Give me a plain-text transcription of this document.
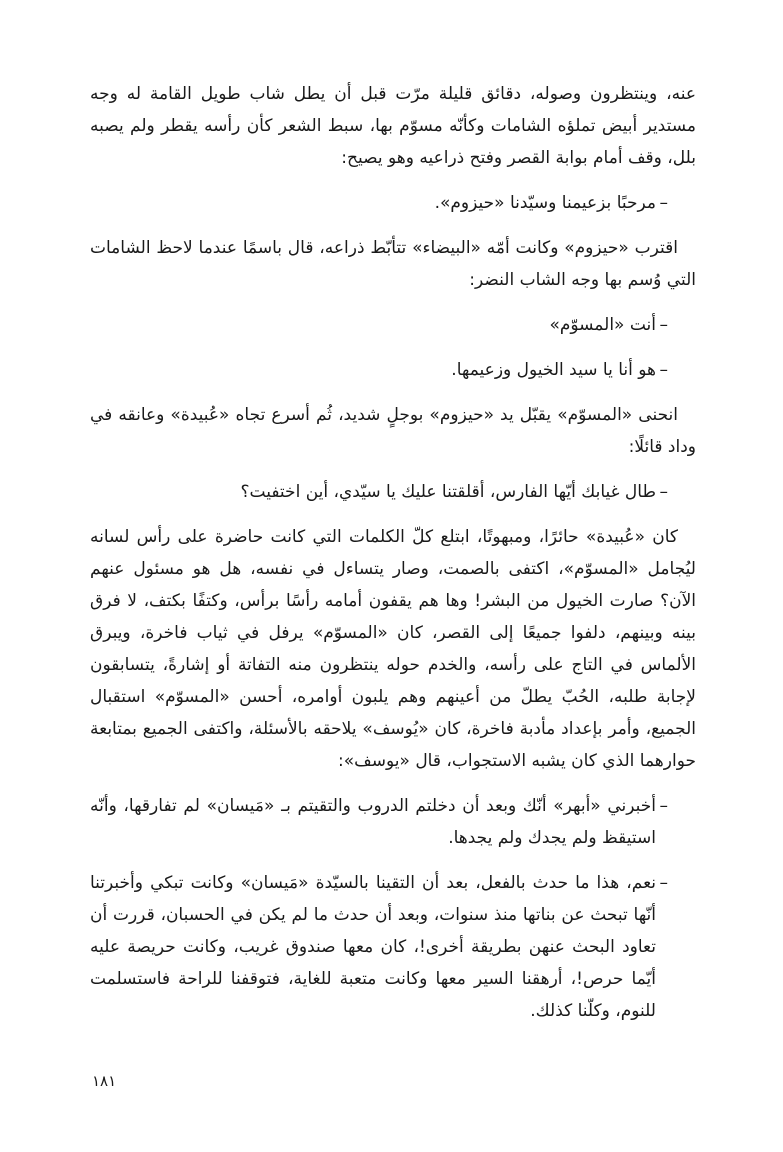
عنه، وينتظرون وصوله، دقائق قليلة مرّت قبل أن يطل شاب طويل القامة له وجه مستدير أبيض تملؤه الشامات وكأنّه مسوّم بها، سبط الشعر كأن رأسه يقطر ولم يصبه بلل، وقف أمام بوابة القصر وفتح ذراعيه وهو يصيح:

–
مرحبًا بزعيمنا وسيّدنا «حيزوم».

اقترب «حيزوم» وكانت أمّه «البيضاء» تتأبّط ذراعه، قال باسمًا عندما لاحظ الشامات التي وُسم بها وجه الشاب النضر:

–
أنت «المسوّم»
–
هو أنا يا سيد الخيول وزعيمها.

انحنى «المسوّم» يقبّل يد «حيزوم» بوجلٍ شديد، ثُم أسرع تجاه «عُبيدة» وعانقه في وداد قائلًا:

–
طال غيابك أيّها الفارس، أقلقتنا عليك يا سيّدي، أين اختفيت؟

كان «عُبيدة» حائرًا، ومبهوتًا، ابتلع كلّ الكلمات التي كانت حاضرة على رأس لسانه ليُجامل «المسوّم»، اكتفى بالصمت، وصار يتساءل في نفسه، هل هو مسئول عنهم الآن؟ صارت الخيول من البشر! وها هم يقفون أمامه رأسًا برأس، وكتفًا بكتف، لا فرق بينه وبينهم، دلفوا جميعًا إلى القصر، كان «المسوّم» يرفل في ثياب فاخرة، ويبرق الألماس في التاج على رأسه، والخدم حوله ينتظرون منه التفاتة أو إشارةً، يتسابقون لإجابة طلبه، الحُبّ يطلّ من أعينهم وهم يلبون أوامره، أحسن «المسوّم» استقبال الجميع، وأمر بإعداد مأدبة فاخرة، كان «يُوسف» يلاحقه بالأسئلة، واكتفى الجميع بمتابعة حوارهما الذي كان يشبه الاستجواب، قال «يوسف»:

–
أخبرني «أبهر» أنّك وبعد أن دخلتم الدروب والتقيتم بـ «مَيسان» لم تفارقها، وأنّه استيقظ ولم يجدك ولم يجدها.
–
نعم، هذا ما حدث بالفعل، بعد أن التقينا بالسيّدة «مَيسان» وكانت تبكي وأخبرتنا أنّها تبحث عن بناتها منذ سنوات، وبعد أن حدث ما لم يكن في الحسبان، قررت أن تعاود البحث عنهن بطريقة أخرى!، كان معها صندوق غريب، وكانت حريصة عليه أيّما حرص!، أرهقنا السير معها وكانت متعبة للغاية، فتوقفنا للراحة فاستسلمت للنوم، وكلّنا كذلك.
١٨١
